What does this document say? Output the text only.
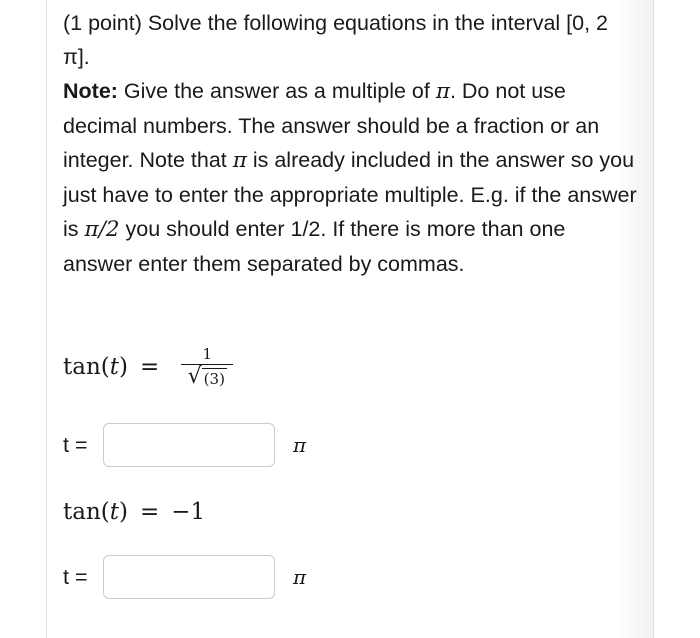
(1 point) Solve the following equations in the interval [0, 2 π].
Note: Give the answer as a multiple of π. Do not use decimal numbers. The answer should be a fraction or an integer. Note that π is already included in the answer so you just have to enter the appropriate multiple. E.g. if the answer is π/2 you should enter 1/2. If there is more than one answer enter them separated by commas.

tan ( t ) = $\frac{1}{√ (3)}$
t =	π
tan ( t ) = −1
t =	π
